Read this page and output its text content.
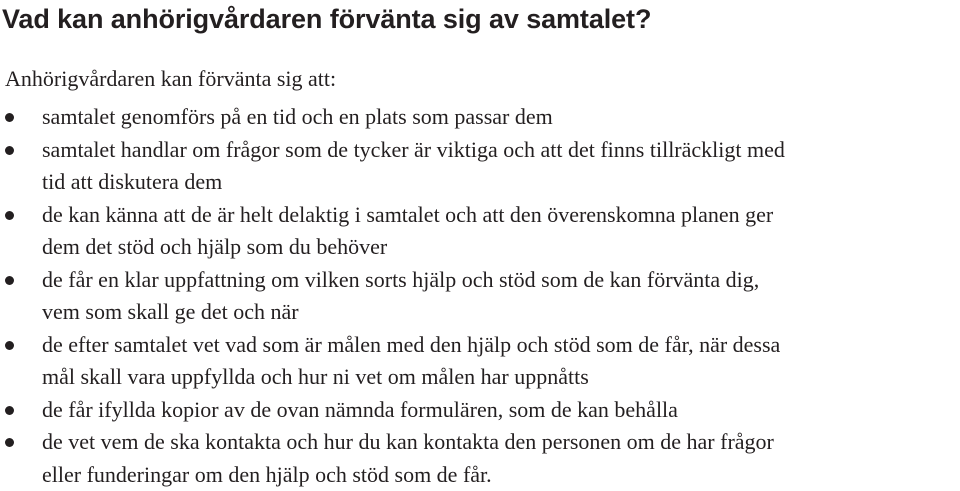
Vad kan anhörigvårdaren förvänta sig av samtalet?

Anhörigvårdaren kan förvänta sig att:

samtalet genomförs på en tid och en plats som passar dem
samtalet handlar om frågor som de tycker är viktiga och att det finns tillräckligt med
tid att diskutera dem
de kan känna att de är helt delaktig i samtalet och att den överenskomna planen ger
dem det stöd och hjälp som du behöver
de får en klar uppfattning om vilken sorts hjälp och stöd som de kan förvänta dig,
vem som skall ge det och när
de efter samtalet vet vad som är målen med den hjälp och stöd som de får, när dessa
mål skall vara uppfyllda och hur ni vet om målen har uppnåtts
de får ifyllda kopior av de ovan nämnda formulären, som de kan behålla
de vet vem de ska kontakta och hur du kan kontakta den personen om de har frågor
eller funderingar om den hjälp och stöd som de får.
